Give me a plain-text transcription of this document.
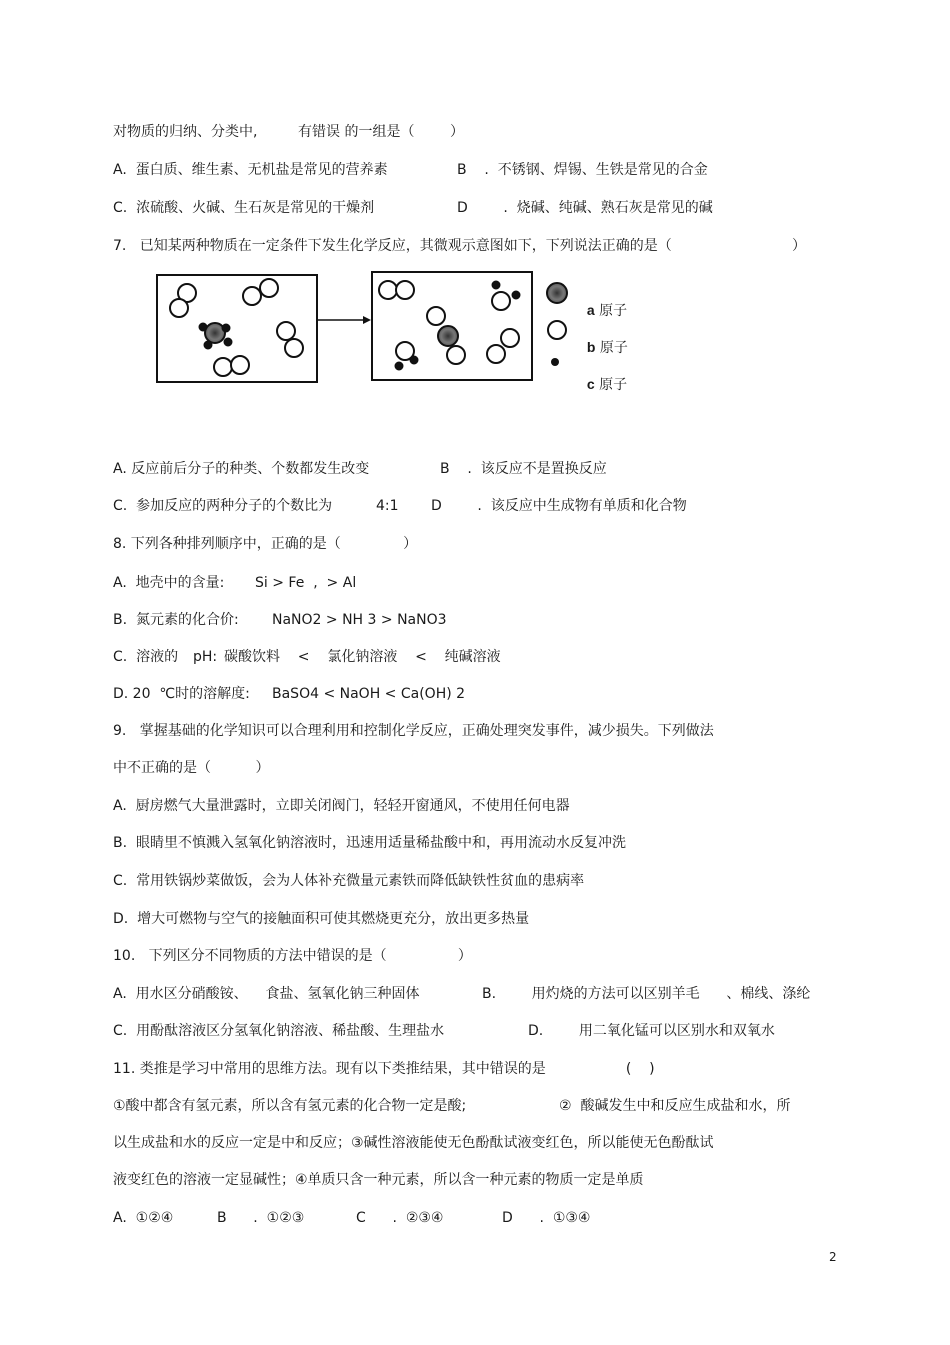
对物质的归纳、分类中,	有错误 的一组是（        ）
A.  蛋白质、维生素、无机盐是常见的营养素	B    .  不锈钢、焊锡、生铁是常见的合金
C.  浓硫酸、火碱、生石灰是常见的干燥剂	D        .  烧碱、纯碱、熟石灰是常见的碱
7.   已知某两种物质在一定条件下发生化学反应，其微观示意图如下，下列说法正确的是（	）

a 原子

b 原子

c 原子

A. 反应前后分子的种类、个数都发生改变	B    .  该反应不是置换反应
C.  参加反应的两种分子的个数比为	4:1 D        .  该反应中生成物有单质和化合物
8. 下列各种排列顺序中，正确的是（              ）
A.  地壳中的含量: Si > Fe  ,  > Al
B.  氮元素的化合价: NaNO2 > NH 3 > NaNO3
C.  溶液的 pH: 碳酸饮料    <    氯化钠溶液    <    纯碱溶液
D. 20  ℃时的溶解度: BaSO4 < NaOH < Ca(OH) 2
9.   掌握基础的化学知识可以合理利用和控制化学反应，正确处理突发事件，减少损失。下列做法
中不正确的是（          ）
A.  厨房燃气大量泄露时，立即关闭阀门，轻轻开窗通风，不使用任何电器
B.  眼睛里不慎溅入氢氧化钠溶液时，迅速用适量稀盐酸中和，再用流动水反复冲洗
C.  常用铁锅炒菜做饭，会为人体补充微量元素铁而降低缺铁性贫血的患病率
D.  增大可燃物与空气的接触面积可使其燃烧更充分，放出更多热量
10.   下列区分不同物质的方法中错误的是（                ）
A.  用水区分硝酸铵、    食盐、氢氧化钠三种固体	B.        用灼烧的方法可以区别羊毛      、棉线、涤纶
C.  用酚酞溶液区分氢氧化钠溶液、稀盐酸、生理盐水	D.        用二氧化锰可以区别水和双氧水
11. 类推是学习中常用的思维方法。现有以下类推结果，其中错误的是                  (    )
①酸中都含有氢元素，所以含有氢元素的化合物一定是酸;	②  酸碱发生中和反应生成盐和水，所
以生成盐和水的反应一定是中和反应；③碱性溶液能使无色酚酞试液变红色，所以能使无色酚酞试
液变红色的溶液一定显碱性；④单质只含一种元素，所以含一种元素的物质一定是单质
A.  ①②④	B      .  ①②③	C      .  ②③④	D      .  ①③④
2
